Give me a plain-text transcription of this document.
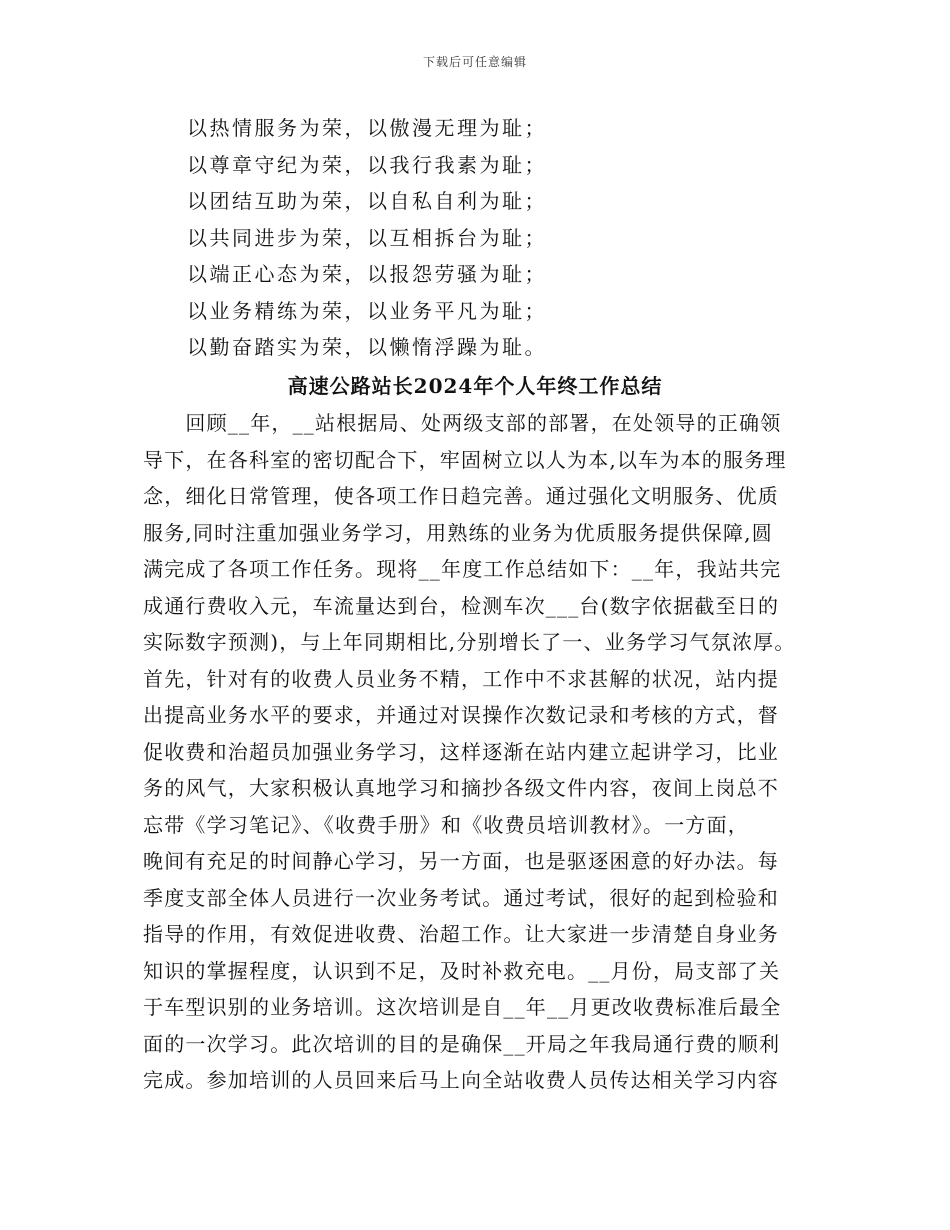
下载后可任意编辑
以热情服务为荣，以傲漫无理为耻；
以尊章守纪为荣，以我行我素为耻；
以团结互助为荣，以自私自利为耻；
以共同进步为荣，以互相拆台为耻；
以端正心态为荣，以报怨劳骚为耻；
以业务精练为荣，以业务平凡为耻；
以勤奋踏实为荣，以懒惰浮躁为耻。
高速公路站长2024年个人年终工作总结
　　回顾__年，__站根据局、处两级支部的部署，在处领导的正确领
导下，在各科室的密切配合下，牢固树立以人为本,以车为本的服务理
念，细化日常管理，使各项工作日趋完善。通过强化文明服务、优质
服务,同时注重加强业务学习，用熟练的业务为优质服务提供保障,圆
满完成了各项工作任务。现将__年度工作总结如下：__年，我站共完
成通行费收入元，车流量达到台，检测车次___台(数字依据截至日的
实际数字预测)，与上年同期相比,分别增长了一、业务学习气氛浓厚。
首先，针对有的收费人员业务不精，工作中不求甚解的状况，站内提
出提高业务水平的要求，并通过对误操作次数记录和考核的方式，督
促收费和治超员加强业务学习，这样逐渐在站内建立起讲学习，比业
务的风气，大家积极认真地学习和摘抄各级文件内容，夜间上岗总不
忘带《学习笔记》、《收费手册》和《收费员培训教材》。一方面，
晚间有充足的时间静心学习，另一方面，也是驱逐困意的好办法。每
季度支部全体人员进行一次业务考试。通过考试，很好的起到检验和
指导的作用，有效促进收费、治超工作。让大家进一步清楚自身业务
知识的掌握程度，认识到不足，及时补救充电。__月份，局支部了关
于车型识别的业务培训。这次培训是自__年__月更改收费标准后最全
面的一次学习。此次培训的目的是确保__开局之年我局通行费的顺利
完成。参加培训的人员回来后马上向全站收费人员传达相关学习内容
